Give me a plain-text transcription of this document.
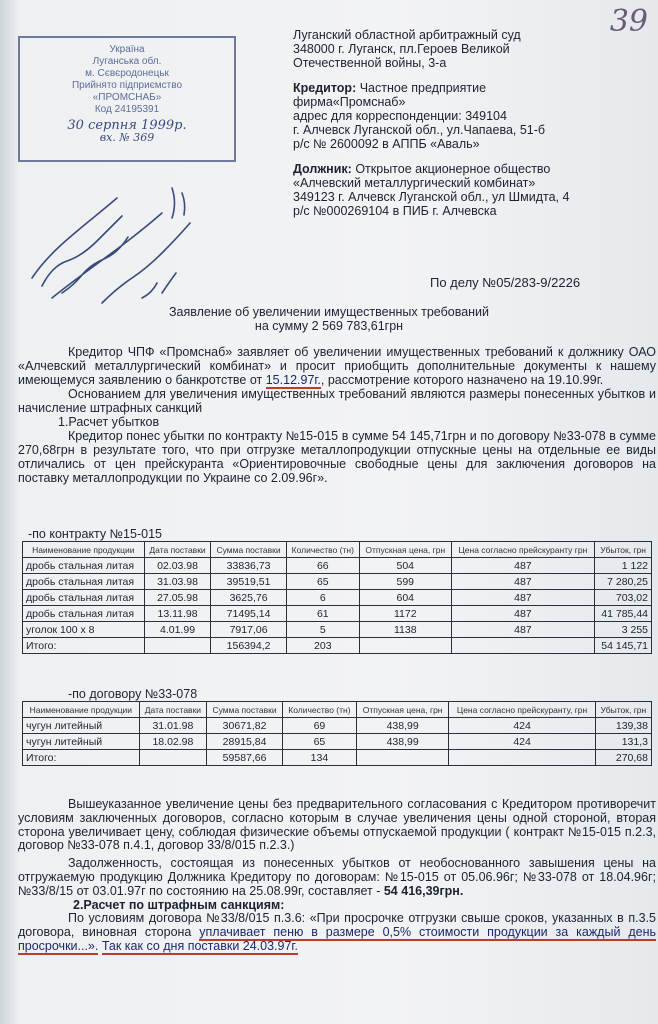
39
Україна
Луганська обл.
м. Сєвєродонецьк
Прийнято підприємство
«ПРОМСНАБ»
Код 24195391
30 серпня 1999р.
вх. № 369
Луганский областной арбитражный суд
348000 г. Луганск, пл.Героев Великой
Отечественной войны, 3-а
Кредитор: Частное предприятие
фирма«Промснаб»
адрес для корреспонденции: 349104
г. Алчевск Луганской обл., ул.Чапаева, 51-б
р/с № 2600092 в АППБ «Аваль»
Должник: Открытое акционерное общество
«Алчевский металлургический комбинат»
349123 г. Алчевск Луганской обл., ул Шмидта, 4
р/с №000269104 в ПИБ г. Алчевска
По делу №05/283-9/2226
Заявление об увеличении имущественных требований
на сумму 2 569 783,61грн

Кредитор ЧПФ «Промснаб» заявляет об увеличении имущественных требований к должнику ОАО «Алчевский металлургический комбинат» и просит приобщить дополнительные документы к нашему имеющемуся заявлению о банкротстве от 15.12.97г., рассмотрение которого назначено на 19.10.99г.

Основанием для увеличения имущественных требований являются размеры понесенных убытков и начисление штрафных санкций

1.Расчет убытков

Кредитор понес убытки по контракту №15-015 в сумме 54 145,71грн и по договору №33-078 в сумме 270,68грн в результате того, что при отгрузке металлопродукции отпускные цены на отдельные ее виды отличались от цен прейскуранта «Ориентировочные свободные цены для заключения договоров на поставку металлопродукции по Украине со 2.09.96г».

-по контракту №15-015
Наименование продукции	Дата поставки	Сумма поставки	Количество (тн)	Отпускная цена, грн	Цена согласно прейскуранту грн	Убыток, грн
дробь стальная литая	02.03.98	33836,73	66	504	487	1 122
дробь стальная литая	31.03.98	39519,51	65	599	487	7 280,25
дробь стальная литая	27.05.98	3625,76	6	604	487	703,02
дробь стальная литая	13.11.98	71495,14	61	1172	487	41 785,44
уголок 100 х 8	4.01.99	7917,06	5	1138	487	3 255
Итого:		156394,2	203			54 145,71
-по договору №33-078
Наименование продукции	Дата поставки	Сумма поставки	Количество (тн)	Отпускная цена, грн	Цена согласно прейскуранту, грн	Убыток, грн
чугун литейный	31.01.98	30671,82	69	438,99	424	139,38
чугун литейный	18.02.98	28915,84	65	438,99	424	131,3
Итого:		59587,66	134			270,68

Вышеуказанное увеличение цены без предварительного согласования с Кредитором противоречит условиям заключенных договоров, согласно которым в случае увеличения цены одной стороной, вторая сторона увеличивает цену, соблюдая физические объемы отпускаемой продукции ( контракт №15-015 п.2.3, договор №33-078 п.4.1, договор 33/8/015 п.2.3.)

Задолженность, состоящая из понесенных убытков от необоснованного завышения цены на отгружаемую продукцию Должника Кредитору по договорам: №15-015 от 05.06.96г; №33-078 от 18.04.96г; №33/8/15 от 03.01.97г по состоянию на 25.08.99г, составляет - 54 416,39грн.

2.Расчет по штрафным санкциям:

По условиям договора №33/8/015 п.3.6: «При просрочке отгрузки свыше сроков, указанных в п.3.5 договора, виновная сторона уплачивает пеню в размере 0,5% стоимости продукции за каждый день просрочки...». Так как со дня поставки 24.03.97г.
